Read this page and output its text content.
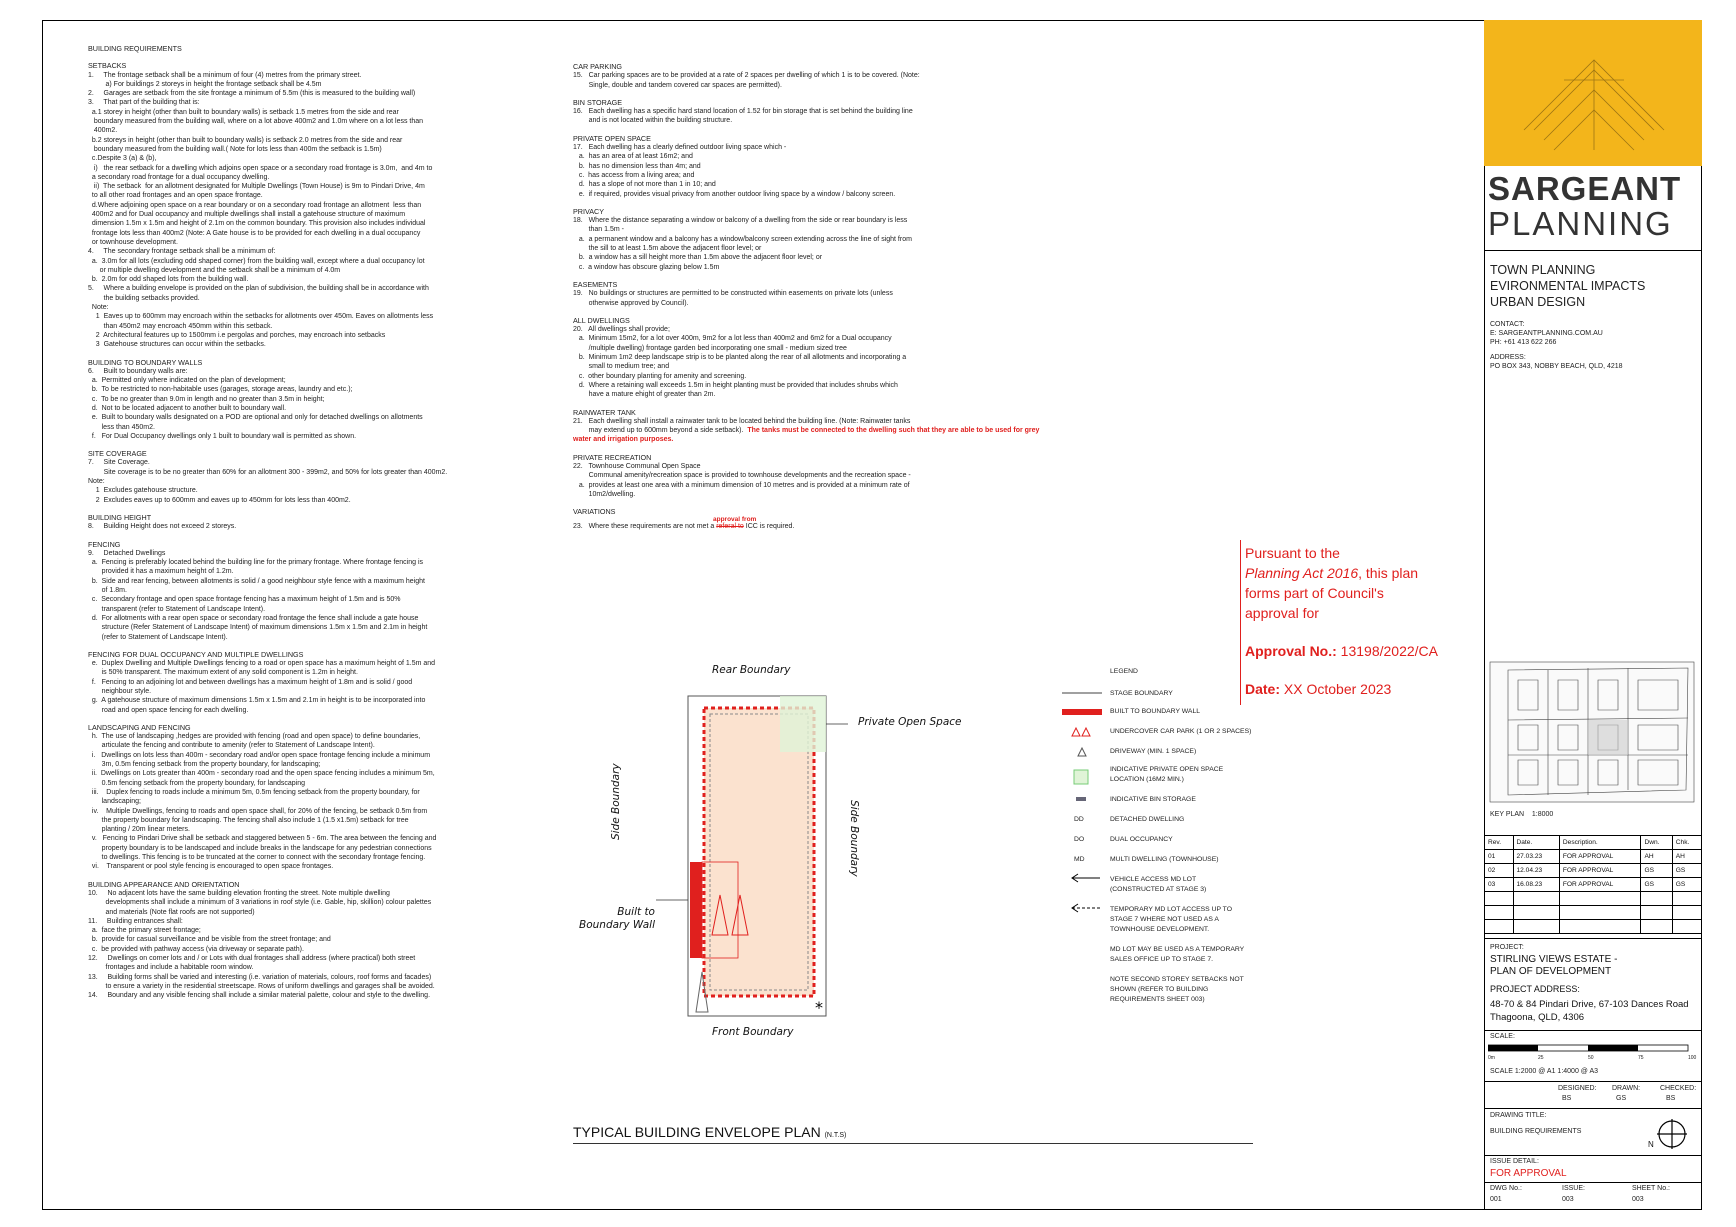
BUILDING REQUIREMENTS
SETBACKS
1.     The frontage setback shall be a minimum of four (4) metres from the primary street.
a) For buildings 2 storeys in height the frontage setback shall be 4.5m
2.     Garages are setback from the site frontage a minimum of 5.5m (this is measured to the building wall)
3.     That part of the building that is:
a.1 storey in height (other than built to boundary walls) is setback 1.5 metres from the side and rear
boundary measured from the building wall, where on a lot above 400m2 and 1.0m where on a lot less than
400m2.
b.2 storeys in height (other than built to boundary walls) is setback 2.0 metres from the side and rear
boundary measured from the building wall.( Note for lots less than 400m the setback is 1.5m)
c.Despite 3 (a) & (b),
i)   the rear setback for a dwelling which adjoins open space or a secondary road frontage is 3.0m,  and 4m to
a secondary road frontage for a dual occupancy dwelling.
ii)  The setback  for an allotment designated for Multiple Dwellings (Town House) is 9m to Pindari Drive, 4m
to all other road frontages and an open space frontage.
d.Where adjoining open space on a rear boundary or on a secondary road frontage an allotment  less than
400m2 and for Dual occupancy and multiple dwellings shall install a gatehouse structure of maximum
dimension 1.5m x 1.5m and height of 2.1m on the common boundary. This provision also includes individual
frontage lots less than 400m2 (Note: A Gate house is to be provided for each dwelling in a dual occupancy
or townhouse development.
4.     The secondary frontage setback shall be a minimum of:
a.  3.0m for all lots (excluding odd shaped corner) from the building wall, except where a dual occupancy lot
or multiple dwelling development and the setback shall be a minimum of 4.0m
b.  2.0m for odd shaped lots from the building wall.
5.     Where a building envelope is provided on the plan of subdivision, the building shall be in accordance with
the building setbacks provided.
Note:
1  Eaves up to 600mm may encroach within the setbacks for allotments over 450m. Eaves on allotments less
than 450m2 may encroach 450mm within this setback.
2  Architectural features up to 1500mm i.e pergolas and porches, may encroach into setbacks
3  Gatehouse structures can occur within the setbacks.
BUILDING TO BOUNDARY WALLS
6.     Built to boundary walls are:
a.  Permitted only where indicated on the plan of development;
b.  To be restricted to non-habitable uses (garages, storage areas, laundry and etc.);
c.  To be no greater than 9.0m in length and no greater than 3.5m in height;
d.  Not to be located adjacent to another built to boundary wall.
e.  Built to boundary walls designated on a POD are optional and only for detached dwellings on allotments
less than 450m2.
f.   For Dual Occupancy dwellings only 1 built to boundary wall is permitted as shown.
SITE COVERAGE
7.     Site Coverage.
Site coverage is to be no greater than 60% for an allotment 300 - 399m2, and 50% for lots greater than 400m2.
Note:
1  Excludes gatehouse structure.
2  Excludes eaves up to 600mm and eaves up to 450mm for lots less than 400m2.
BUILDING HEIGHT
8.     Building Height does not exceed 2 storeys.
FENCING
9.     Detached Dwellings
a.  Fencing is preferably located behind the building line for the primary frontage. Where frontage fencing is
provided it has a maximum height of 1.2m.
b.  Side and rear fencing, between allotments is solid / a good neighbour style fence with a maximum height
of 1.8m.
c.  Secondary frontage and open space frontage fencing has a maximum height of 1.5m and is 50%
transparent (refer to Statement of Landscape Intent).
d.  For allotments with a rear open space or secondary road frontage the fence shall include a gate house
structure (Refer Statement of Landscape Intent) of maximum dimensions 1.5m x 1.5m and 2.1m in height
(refer to Statement of Landscape Intent).
FENCING FOR DUAL OCCUPANCY AND MULTIPLE DWELLINGS
e.  Duplex Dwelling and Multiple Dwellings fencing to a road or open space has a maximum height of 1.5m and
is 50% transparent. The maximum extent of any solid component is 1.2m in height.
f.   Fencing to an adjoining lot and between dwellings has a maximum height of 1.8m and is solid / good
neighbour style.
g.  A gatehouse structure of maximum dimensions 1.5m x 1.5m and 2.1m in height is to be incorporated into
road and open space fencing for each dwelling.
LANDSCAPING AND FENCING
h.  The use of landscaping ,hedges are provided with fencing (road and open space) to define boundaries,
articulate the fencing and contribute to amenity (refer to Statement of Landscape Intent).
i.   Dwellings on lots less than 400m - secondary road and/or open space frontage fencing include a minimum
3m, 0.5m fencing setback from the property boundary, for landscaping;
ii.  Dwellings on Lots greater than 400m - secondary road and the open space fencing includes a minimum 5m,
0.5m fencing setback from the property boundary, for landscaping
iii.    Duplex fencing to roads include a minimum 5m, 0.5m fencing setback from the property boundary, for
landscaping;
iv.    Multiple Dwellings, fencing to roads and open space shall, for 20% of the fencing, be setback 0.5m from
the property boundary for landscaping. The fencing shall also include 1 (1.5 x1.5m) setback for tree
planting / 20m linear meters.
v.   Fencing to Pindari Drive shall be setback and staggered between 5 - 6m. The area between the fencing and
property boundary is to be landscaped and include breaks in the landscape for any pedestrian connections
to dwellings. This fencing is to be truncated at the corner to connect with the secondary frontage fencing.
vi.    Transparent or pool style fencing is encouraged to open space frontages.
BUILDING APPEARANCE AND ORIENTATION
10.     No adjacent lots have the same building elevation fronting the street. Note multiple dwelling
developments shall include a minimum of 3 variations in roof style (i.e. Gable, hip, skillion) colour palettes
and materials (Note flat roofs are not supported)
11.     Building entrances shall:
a.  face the primary street frontage;
b.  provide for casual surveillance and be visible from the street frontage; and
c.  be provided with pathway access (via driveway or separate path).
12.     Dwellings on corner lots and / or Lots with dual frontages shall address (where practical) both street
frontages and include a habitable room window.
13.     Building forms shall be varied and interesting (i.e. variation of materials, colours, roof forms and facades)
to ensure a variety in the residential streetscape. Rows of uniform dwellings and garages shall be avoided.
14.     Boundary and any visible fencing shall include a similar material palette, colour and style to the dwelling.
CAR PARKING
15.   Car parking spaces are to be provided at a rate of 2 spaces per dwelling of which 1 is to be covered. (Note:
Single, double and tandem covered car spaces are permitted).
BIN STORAGE
16.   Each dwelling has a specific hard stand location of 1.52 for bin storage that is set behind the building line
and is not located within the building structure.
PRIVATE OPEN SPACE
17.   Each dwelling has a clearly defined outdoor living space which -
a.  has an area of at least 16m2; and
b.  has no dimension less than 4m; and
c.  has access from a living area; and
d.  has a slope of not more than 1 in 10; and
e.  if required, provides visual privacy from another outdoor living space by a window / balcony screen.
PRIVACY
18.   Where the distance separating a window or balcony of a dwelling from the side or rear boundary is less
than 1.5m -
a.  a permanent window and a balcony has a window/balcony screen extending across the line of sight from
the sill to at least 1.5m above the adjacent floor level; or
b.  a window has a sill height more than 1.5m above the adjacent floor level; or
c.  a window has obscure glazing below 1.5m
EASEMENTS
19.   No buildings or structures are permitted to be constructed within easements on private lots (unless
otherwise approved by Council).
ALL DWELLINGS
20.   All dwellings shall provide;
a.  Minimum 15m2, for a lot over 400m, 9m2 for a lot less than 400m2 and 6m2 for a Dual occupancy
/multiple dwelling) frontage garden bed incorporating one small - medium sized tree
b.  Minimum 1m2 deep landscape strip is to be planted along the rear of all allotments and incorporating a
small to medium tree; and
c.  other boundary planting for amenity and screening.
d.  Where a retaining wall exceeds 1.5m in height planting must be provided that includes shrubs which
have a mature ehight of greater than 2m.
RAINWATER TANK
21.   Each dwelling shall install a rainwater tank to be located behind the building line. (Note: Rainwater tanks
may extend up to 600mm beyond a side setback). The tanks must be connected to the dwelling such that they are able to be used for grey water and irrigation purposes.
PRIVATE RECREATION
22.   Townhouse Communal Open Space
Communal amenity/recreation space is provided to townhouse developments and the recreation space -
a.  provides at least one area with a minimum dimension of 10 metres and is provided at a minimum rate of
10m2/dwelling.
VARIATIONS
23.   Where these requirements are not met a referal to ICC is required.
approval from
Pursuant to the
Planning Act 2016, this plan
forms part of Council's
approval for
Approval No.: 13198/2022/CA
Date: XX October 2023
*
Rear Boundary
Front Boundary
Private Open Space
Side Boundary	Side Boundary
Built to
Boundary Wall
TYPICAL BUILDING ENVELOPE PLAN (N.T.S)
LEGEND
STAGE BOUNDARY
BUILT TO BOUNDARY WALL
UNDERCOVER CAR PARK (1 OR 2 SPACES)
DRIVEWAY (MIN. 1 SPACE)
INDICATIVE PRIVATE OPEN SPACE
LOCATION (16M2 MIN.)
INDICATIVE BIN STORAGE
DETACHED DWELLING
DUAL OCCUPANCY
MULTI DWELLING (TOWNHOUSE)
VEHICLE ACCESS MD LOT
(CONSTRUCTED AT STAGE 3)
TEMPORARY MD LOT ACCESS UP TO
STAGE 7 WHERE NOT USED AS A
TOWNHOUSE DEVELOPMENT.
DD
DO
MD
MD LOT MAY BE USED AS A TEMPORARY
SALES OFFICE UP TO STAGE 7.
NOTE SECOND STOREY SETBACKS NOT
SHOWN (REFER TO BUILDING
REQUIREMENTS SHEET 003)
SARGEANT
PLANNING
TOWN PLANNING
EVIRONMENTAL IMPACTS
URBAN DESIGN
CONTACT:
E: SARGEANTPLANNING.COM.AU
PH: +61 413 622 266
ADDRESS:
PO BOX 343, NOBBY BEACH, QLD, 4218
KEY PLAN 1:8000
Rev.	Date.	Description.	Dwn.	Chk.
01	27.03.23	FOR APPROVAL	AH	AH
02	12.04.23	FOR APPROVAL	GS	GS
03	16.08.23	FOR APPROVAL	GS	GS

PROJECT:
STIRLING VIEWS ESTATE -
PLAN OF DEVELOPMENT
PROJECT ADDRESS:
48-70 & 84 Pindari Drive, 67-103 Dances Road
Thagoona, QLD, 4306
SCALE:
0m	25	50	75	100
SCALE 1:2000 @ A1 1:4000 @ A3
DESIGNED:
BS
DRAWN:
GS
CHECKED:
BS
DRAWING TITLE:
BUILDING REQUIREMENTS
N
ISSUE DETAIL:
FOR APPROVAL
DWG No.:
001
ISSUE:
003
SHEET No.:
003
